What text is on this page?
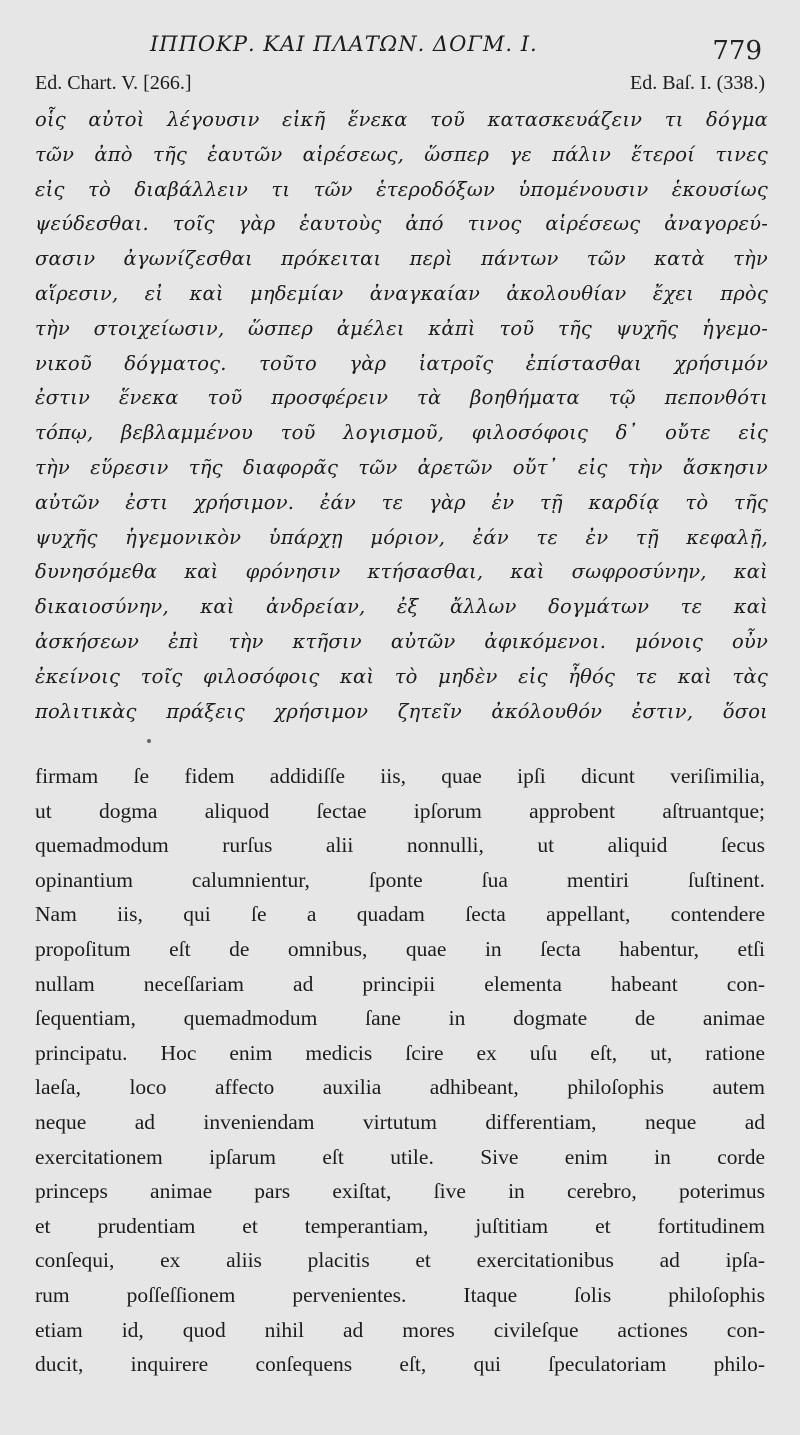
ΙΠΠΟΚΡ. ΚΑΙ ΠΛΑΤΩΝ. ΔΟΓΜ. Ι.	779
Ed. Chart. V. [266.]	Ed. Baſ. I. (338.)
οἷς αὐτοὶ λέγουσιν εἰκῆ ἕνεκα τοῦ κατασκευάζειν τι δόγμα
τῶν ἀπὸ τῆς ἑαυτῶν αἱρέσεως, ὥσπερ γε πάλιν ἕτεροί τινες
εἰς τὸ διαβάλλειν τι τῶν ἑτεροδόξων ὑπομένουσιν ἑκουσίως
ψεύδεσθαι. τοῖς γὰρ ἑαυτοὺς ἀπό τινος αἱρέσεως ἀναγορεύ-
σασιν ἀγωνίζεσθαι πρόκειται περὶ πάντων τῶν κατὰ τὴν
αἵρεσιν, εἰ καὶ μηδεμίαν ἀναγκαίαν ἀκολουθίαν ἔχει πρὸς
τὴν στοιχείωσιν, ὥσπερ ἀμέλει κἀπὶ τοῦ τῆς ψυχῆς ἡγεμο-
νικοῦ δόγματος. τοῦτο γὰρ ἰατροῖς ἐπίστασθαι χρήσιμόν
ἐστιν ἕνεκα τοῦ προσφέρειν τὰ βοηθήματα τῷ πεπονθότι
τόπῳ, βεβλαμμένου τοῦ λογισμοῦ, φιλοσόφοις δ᾽ οὔτε εἰς
τὴν εὕρεσιν τῆς διαφορᾶς τῶν ἀρετῶν οὔτ᾽ εἰς τὴν ἄσκησιν
αὐτῶν ἐστι χρήσιμον. ἐάν τε γὰρ ἐν τῇ καρδίᾳ τὸ τῆς
ψυχῆς ἡγεμονικὸν ὑπάρχῃ μόριον, ἐάν τε ἐν τῇ κεφαλῇ,
δυνησόμεθα καὶ φρόνησιν κτήσασθαι, καὶ σωφροσύνην, καὶ
δικαιοσύνην, καὶ ἀνδρείαν, ἐξ ἄλλων δογμάτων τε καὶ
ἀσκήσεων ἐπὶ τὴν κτῆσιν αὐτῶν ἀφικόμενοι. μόνοις οὖν
ἐκείνοις τοῖς φιλοσόφοις καὶ τὸ μηδὲν εἰς ἦθός τε καὶ τὰς
πολιτικὰς πράξεις χρήσιμον ζητεῖν ἀκόλουθόν ἐστιν, ὅσοι
firmam ſe fidem addidiſſe iis, quae ipſi dicunt veriſimilia,
ut dogma aliquod ſectae ipſorum approbent aſtruantque;
quemadmodum rurſus alii nonnulli, ut aliquid ſecus
opinantium calumnientur, ſponte ſua mentiri ſuſtinent.
Nam iis, qui ſe a quadam ſecta appellant, contendere
propoſitum eſt de omnibus, quae in ſecta habentur, etſi
nullam neceſſariam ad principii elementa habeant con-
ſequentiam, quemadmodum ſane in dogmate de animae
principatu. Hoc enim medicis ſcire ex uſu eſt, ut, ratione
laeſa, loco affecto auxilia adhibeant, philoſophis autem
neque ad inveniendam virtutum differentiam, neque ad
exercitationem ipſarum eſt utile. Sive enim in corde
princeps animae pars exiſtat, ſive in cerebro, poterimus
et prudentiam et temperantiam, juſtitiam et fortitudinem
conſequi, ex aliis placitis et exercitationibus ad ipſa-
rum poſſeſſionem pervenientes. Itaque ſolis philoſophis
etiam id, quod nihil ad mores civileſque actiones con-
ducit, inquirere conſequens eſt, qui ſpeculatoriam philo-
